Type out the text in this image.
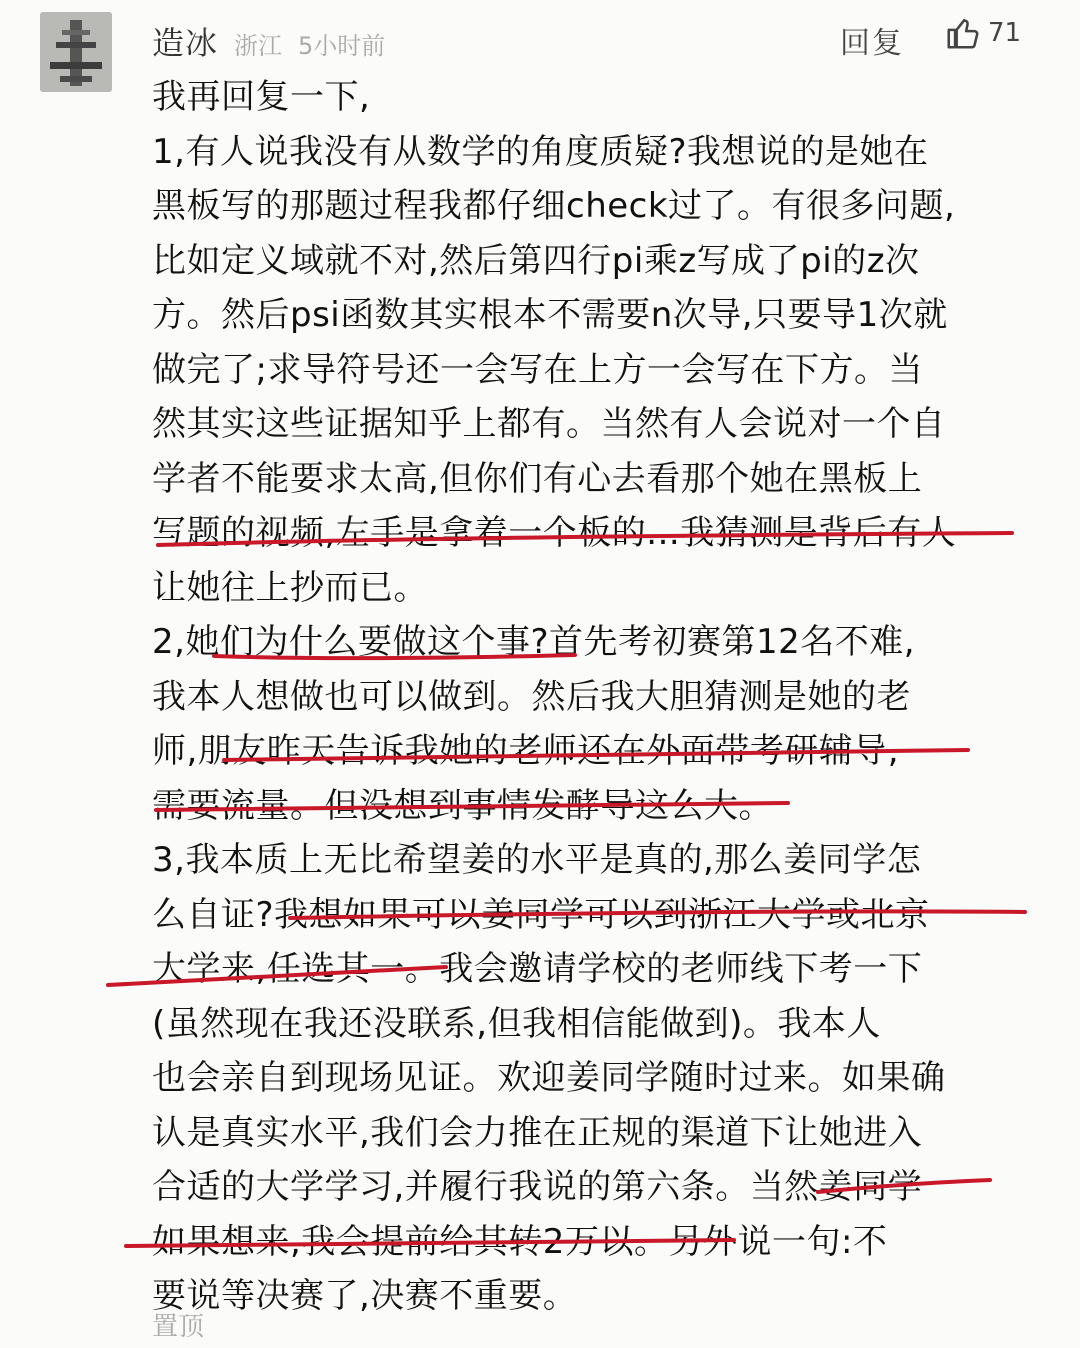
造冰 浙江 5小时前	回复	71
我再回复一下,
1,有人说我没有从数学的角度质疑?我想说的是她在
黑板写的那题过程我都仔细check过了。有很多问题,
比如定义域就不对,然后第四行pi乘z写成了pi的z次
方。然后psi函数其实根本不需要n次导,只要导1次就
做完了;求导符号还一会写在上方一会写在下方。当
然其实这些证据知乎上都有。当然有人会说对一个自
学者不能要求太高,但你们有心去看那个她在黑板上
写题的视频,左手是拿着一个板的...我猜测是背后有人
让她往上抄而已。
2,她们为什么要做这个事?首先考初赛第12名不难,
我本人想做也可以做到。然后我大胆猜测是她的老
师,朋友昨天告诉我她的老师还在外面带考研辅导,
需要流量。但没想到事情发酵导这么大。
3,我本质上无比希望姜的水平是真的,那么姜同学怎
么自证?我想如果可以姜同学可以到浙江大学或北京
大学来,任选其一。我会邀请学校的老师线下考一下
(虽然现在我还没联系,但我相信能做到)。我本人
也会亲自到现场见证。欢迎姜同学随时过来。如果确
认是真实水平,我们会力推在正规的渠道下让她进入
合适的大学学习,并履行我说的第六条。当然姜同学
如果想来,我会提前给其转2万以。另外说一句:不
要说等决赛了,决赛不重要。
置顶
